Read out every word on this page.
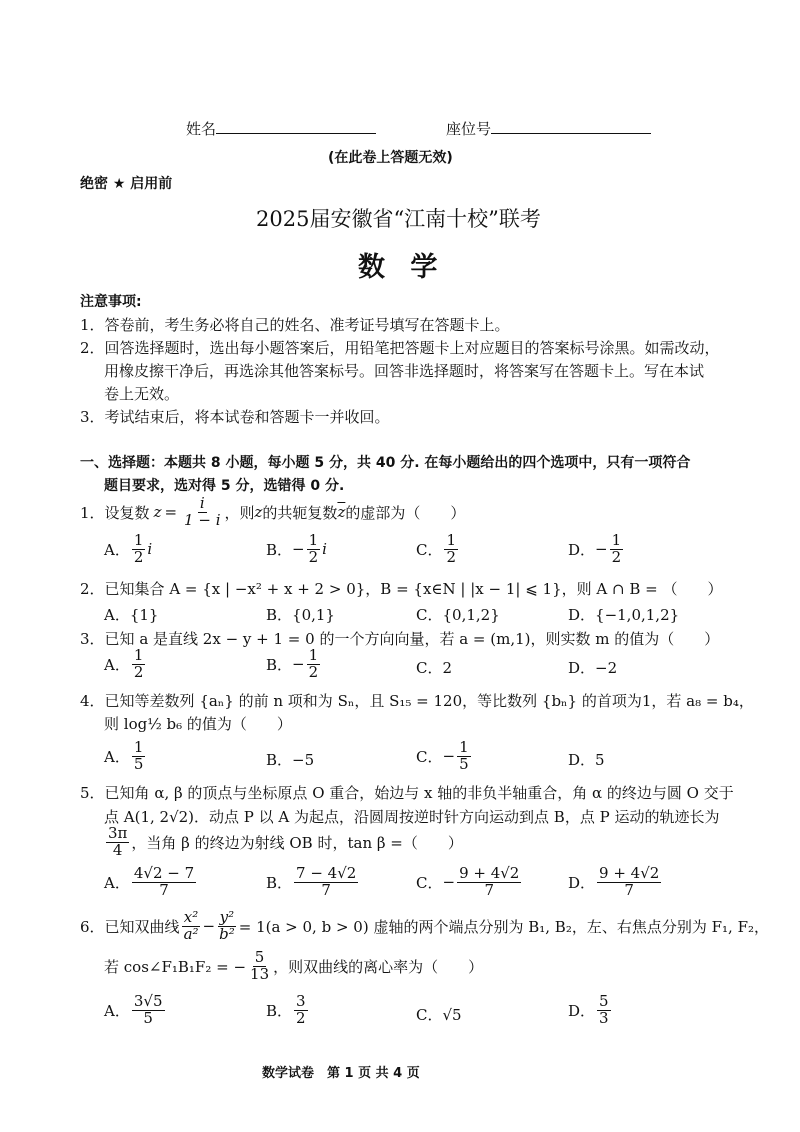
姓名	座位号
(在此卷上答题无效)
绝密 ★ 启用前
2025届安徽省“江南十校”联考
数 学
注意事项:
1．答卷前，考生务必将自己的姓名、准考证号填写在答题卡上。
2．回答选择题时，选出每小题答案后，用铅笔把答题卡上对应题目的答案标号涂黑。如需改动，
用橡皮擦干净后，再选涂其他答案标号。回答非选择题时，将答案写在答题卡上。写在本试
卷上无效。
3．考试结束后，将本试卷和答题卡一并收回。
一、选择题：本题共 8 小题，每小题 5 分，共 40 分. 在每小题给出的四个选项中，只有一项符合
题目要求，选对得 5 分，选错得 0 分.
1． 设复数 $z = \frac{i}{1 - i}$ ，则 z 的共轭复数 $\overline{z}$ 的虚部为（　　）
A． $\frac{1}{2}$ i	B． − $\frac{1}{2}$ i	C． $\frac{1}{2}$	D． − $\frac{1}{2}$
2．已知集合 A = {x | −x² + x + 2 > 0}，B = {x∈N | |x − 1| ⩽ 1}，则 A ∩ B = （　　）
A．{1}	B．{0,1}	C．{0,1,2}	D．{−1,0,1,2}
3．已知 a 是直线 2x − y + 1 = 0 的一个方向向量，若 a = (m,1)，则实数 m 的值为（　　）
A． $\frac{1}{2}$	B． − $\frac{1}{2}$	C．2	D．−2
4．已知等差数列 {aₙ} 的前 n 项和为 Sₙ，且 S₁₅ = 120，等比数列 {bₙ} 的首项为1，若 a₈ = b₄，
则 log½ b₆ 的值为（　　）
A． $\frac{1}{5}$	B．−5	C． − $\frac{1}{5}$	D．5
5．已知角 α, β 的顶点与坐标原点 O 重合，始边与 x 轴的非负半轴重合，角 α 的终边与圆 O 交于
点 A(1, 2√2)．动点 P 以 A 为起点，沿圆周按逆时针方向运动到点 B，点 P 运动的轨迹长为
$\frac{3\pi}{4}$ ，当角 β 的终边为射线 OB 时，tan β =（　　）
A． $\frac{4√2 - 7}{7}$	B． $\frac{7 - 4√2}{7}$	C． − $\frac{9 + 4√2}{7}$	D． $\frac{9 + 4√2}{7}$
6． 已知双曲线 $\frac{\text{x²}}{\text{a²}} - \frac{\text{y²}}{\text{b²}} = 1(a > 0$, b > 0) 虚轴的两个端点分别为 B₁, B₂，左、右焦点分别为 F₁, F₂，
若 cos∠F₁B₁F₂ = − $\frac{5}{13}$ ，则双曲线的离心率为（　　）
A． $\frac{3√5}{5}$	B． $\frac{3}{2}$	C．√5	D． $\frac{5}{3}$
数学试卷　第 1 页 共 4 页
